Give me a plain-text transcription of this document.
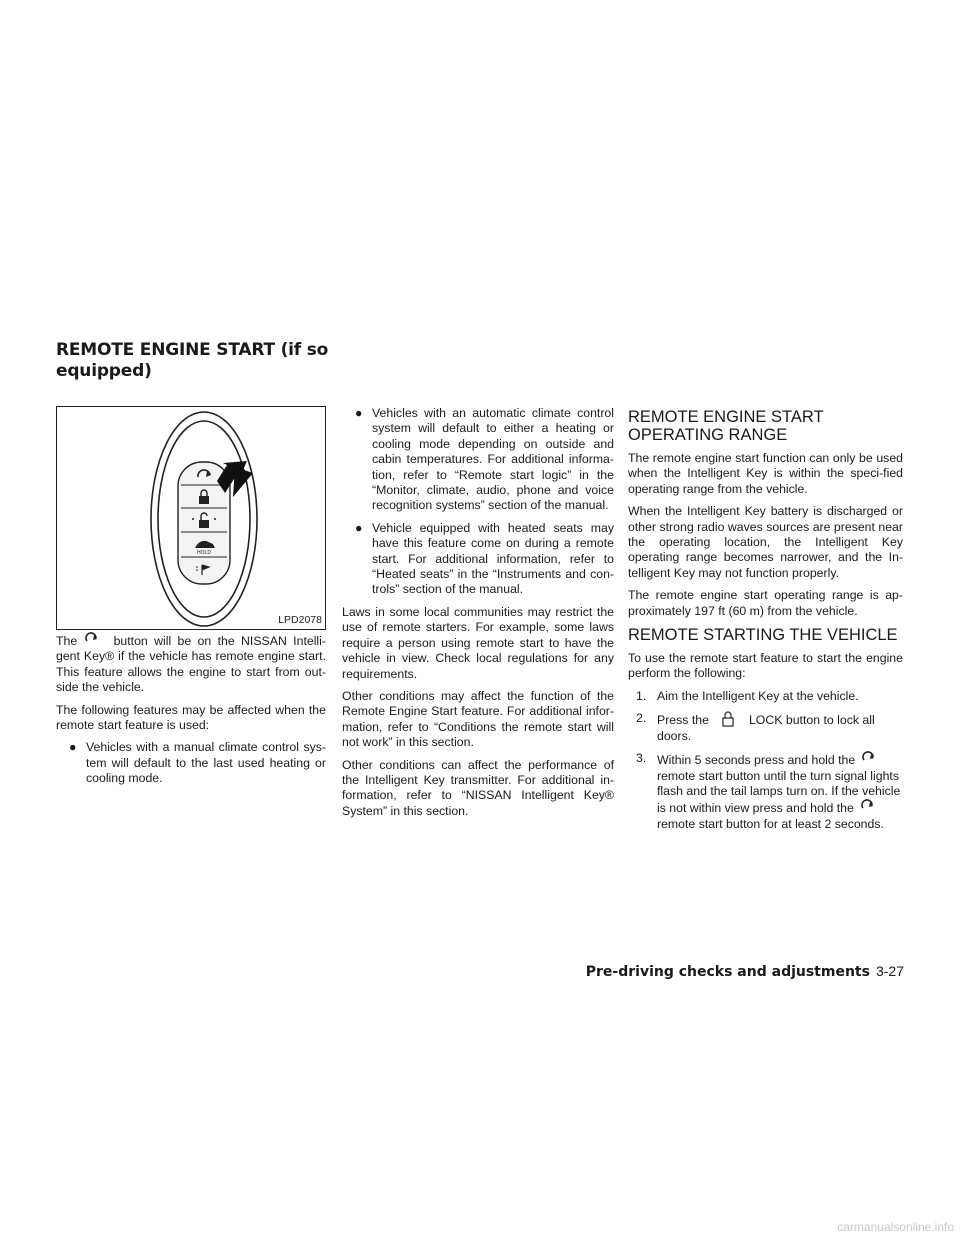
REMOTE ENGINE START (if so equipped)
HOLD
LPD2078

The	button will be on the NISSAN Intelli-gent Key® if the vehicle has remote engine start. This feature allows the engine to start from out-side the vehicle.

The following features may be affected when the remote start feature is used:

● Vehicles with a manual climate control sys-tem will default to the last used heating or cooling mode.
● Vehicles with an automatic climate control system will default to either a heating or cooling mode depending on outside and cabin temperatures. For additional informa-tion, refer to “Remote start logic” in the “Monitor, climate, audio, phone and voice recognition systems” section of the manual.
● Vehicle equipped with heated seats may have this feature come on during a remote start. For additional information, refer to “Heated seats” in the “Instruments and con-trols” section of the manual.

Laws in some local communities may restrict the use of remote starters. For example, some laws require a person using remote start to have the vehicle in view. Check local regulations for any requirements.

Other conditions may affect the function of the Remote Engine Start feature. For additional infor-mation, refer to “Conditions the remote start will not work” in this section.

Other conditions can affect the performance of the Intelligent Key transmitter. For additional in-formation, refer to “NISSAN Intelligent Key® System” in this section.

REMOTE ENGINE START OPERATING RANGE

The remote engine start function can only be used when the Intelligent Key is within the speci-fied operating range from the vehicle.

When the Intelligent Key battery is discharged or other strong radio waves sources are present near the operating location, the Intelligent Key operating range becomes narrower, and the In-telligent Key may not function properly.

The remote engine start operating range is ap-proximately 197 ft (60 m) from the vehicle.

REMOTE STARTING THE VEHICLE

To use the remote start feature to start the engine perform the following:

1. Aim the Intelligent Key at the vehicle.
2. Press the	LOCK button to lock all doors.
3. Within 5 seconds press and hold the remote start button until the turn signal lights flash and the tail lamps turn on. If the vehicle is not within view press and hold the remote start button for at least 2 seconds.
Pre-driving checks and adjustments 3-27
carmanualsonline.info
